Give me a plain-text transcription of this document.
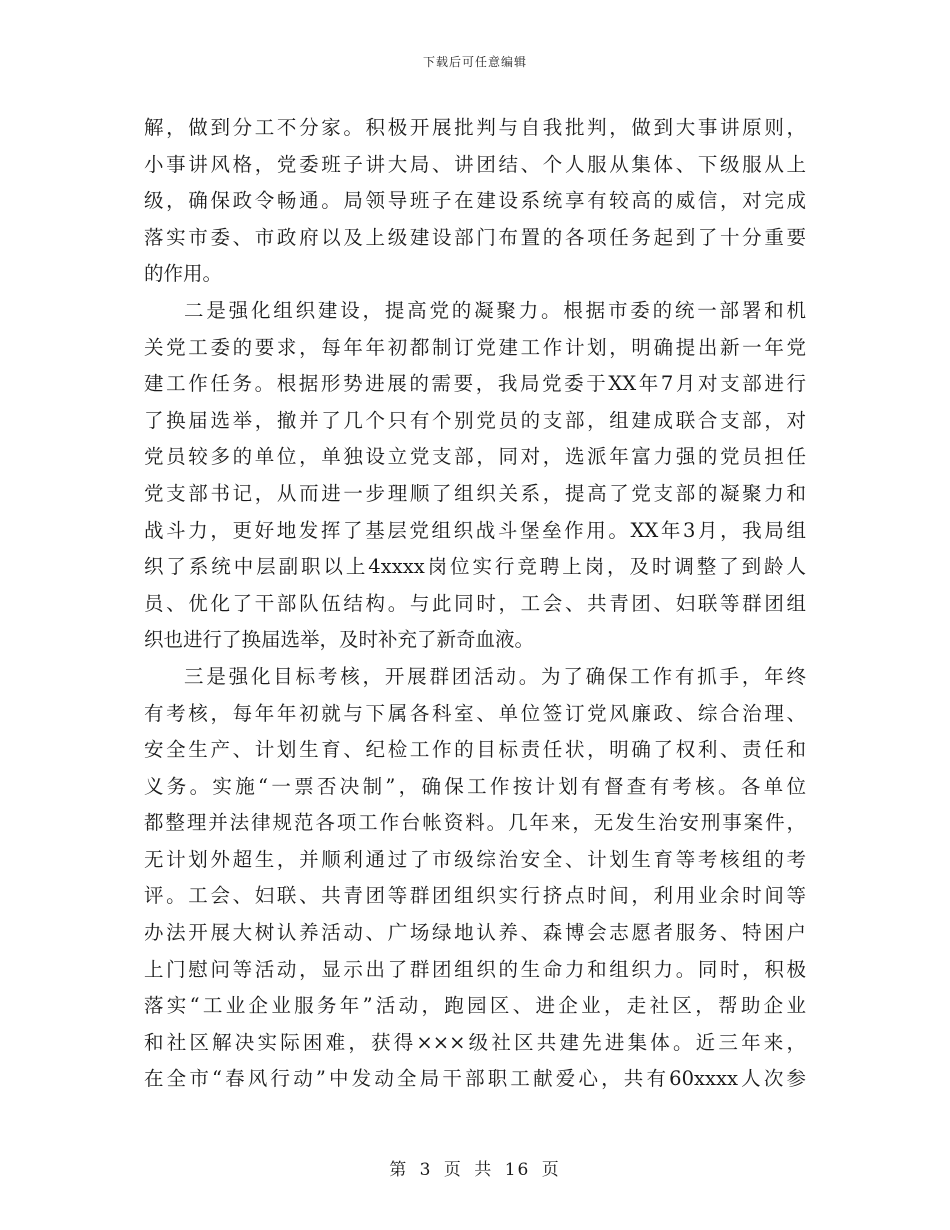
下载后可任意编辑
解，做到分工不分家。积极开展批判与自我批判，做到大事讲原则，
小事讲风格，党委班子讲大局、讲团结、个人服从集体、下级服从上
级，确保政令畅通。局领导班子在建设系统享有较高的威信，对完成
落实市委、市政府以及上级建设部门布置的各项任务起到了十分重要
的作用。
二是强化组织建设，提高党的凝聚力。根据市委的统一部署和机
关党工委的要求，每年年初都制订党建工作计划，明确提出新一年党
建工作任务。根据形势进展的需要，我局党委于XX年7月对支部进行
了换届选举，撤并了几个只有个别党员的支部，组建成联合支部，对
党员较多的单位，单独设立党支部，同对，选派年富力强的党员担任
党支部书记，从而进一步理顺了组织关系，提高了党支部的凝聚力和
战斗力，更好地发挥了基层党组织战斗堡垒作用。XX年3月，我局组
织了系统中层副职以上4xxxx岗位实行竞聘上岗，及时调整了到龄人
员、优化了干部队伍结构。与此同时，工会、共青团、妇联等群团组
织也进行了换届选举，及时补充了新奇血液。
三是强化目标考核，开展群团活动。为了确保工作有抓手，年终
有考核，每年年初就与下属各科室、单位签订党风廉政、综合治理、
安全生产、计划生育、纪检工作的目标责任状，明确了权利、责任和
义务。实施“一票否决制”，确保工作按计划有督查有考核。各单位
都整理并法律规范各项工作台帐资料。几年来，无发生治安刑事案件，
无计划外超生，并顺利通过了市级综治安全、计划生育等考核组的考
评。工会、妇联、共青团等群团组织实行挤点时间，利用业余时间等
办法开展大树认养活动、广场绿地认养、森博会志愿者服务、特困户
上门慰问等活动，显示出了群团组织的生命力和组织力。同时，积极
落实“工业企业服务年”活动，跑园区、进企业，走社区，帮助企业
和社区解决实际困难，获得×××级社区共建先进集体。近三年来，
在全市“春风行动”中发动全局干部职工献爱心，共有60xxxx人次参
第 3 页 共 16 页
